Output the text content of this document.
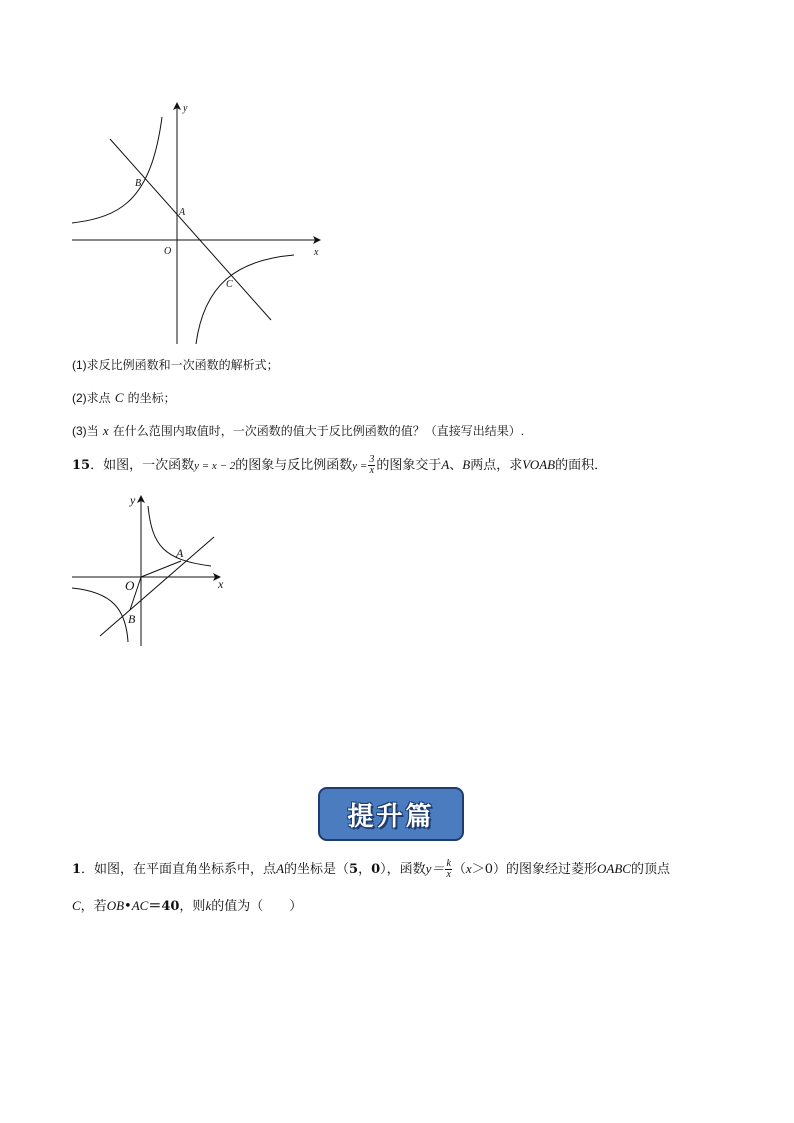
y
x
O
A
B
C
(1)求反比例函数和一次函数的解析式；
(2)求点 C 的坐标；
(3)当 x 在什么范围内取值时，一次函数的值大于反比例函数的值？（直接写出结果）.
15．如图，一次函数y = x − 2的图象与反比例函数$y = \frac{3}{x}$ 的图象交于A、B两点，求VOAB的面积．
y
x
O
A
B
提升篇
1．如图，在平面直角坐标系中，点A的坐标是（5，0），函数$y= \frac{k}{x} (x>0)$的图象经过菱形OABC的顶点
C，若OB•AC＝40，则k的值为（　　）
